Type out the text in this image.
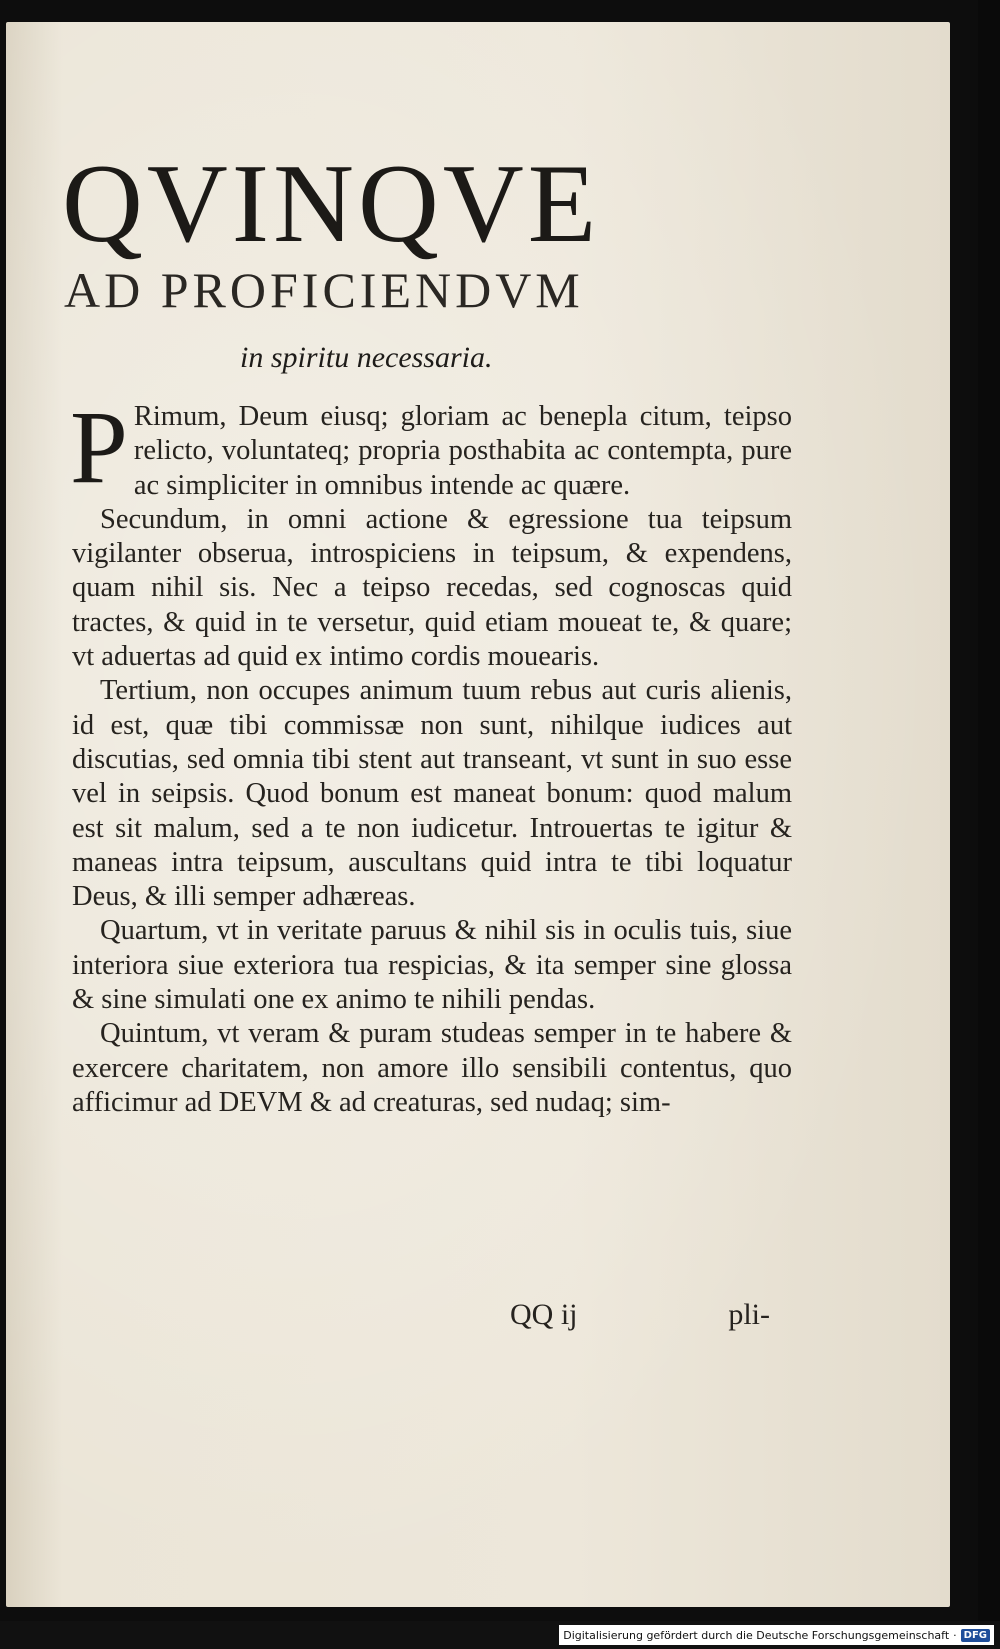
QVINQVE
AD PROFICIENDVM
in spiritu necessaria.

P Rimum, Deum eiusq; gloriam ac benepla citum, teipso relicto, voluntateq; propria posthabita ac contempta, pure ac simpliciter in omnibus intende ac quære.

Secundum, in omni actione & egressione tua teipsum vigilanter obserua, introspiciens in teipsum, & expendens, quam nihil sis. Nec a teipso recedas, sed cognoscas quid tractes, & quid in te versetur, quid etiam moueat te, & quare; vt aduertas ad quid ex intimo cordis mouearis.

Tertium, non occupes animum tuum rebus aut curis alienis, id est, quæ tibi commissæ non sunt, nihilque iudices aut discutias, sed omnia tibi stent aut transeant, vt sunt in suo esse vel in seipsis. Quod bonum est maneat bonum: quod malum est sit malum, sed a te non iudicetur. Introuertas te igitur & maneas intra teipsum, auscultans quid intra te tibi loquatur Deus, & illi semper adhæreas.

Quartum, vt in veritate paruus & nihil sis in oculis tuis, siue interiora siue exteriora tua respicias, & ita semper sine glossa & sine simulati one ex animo te nihili pendas.

Quintum, vt veram & puram studeas semper in te habere & exercere charitatem, non amore illo sensibili contentus, quo afficimur ad DEVM & ad creaturas, sed nudaq; sim-

QQ ij	pli-
Digitalisierung gefördert durch die Deutsche Forschungsgemeinschaft · DFG
